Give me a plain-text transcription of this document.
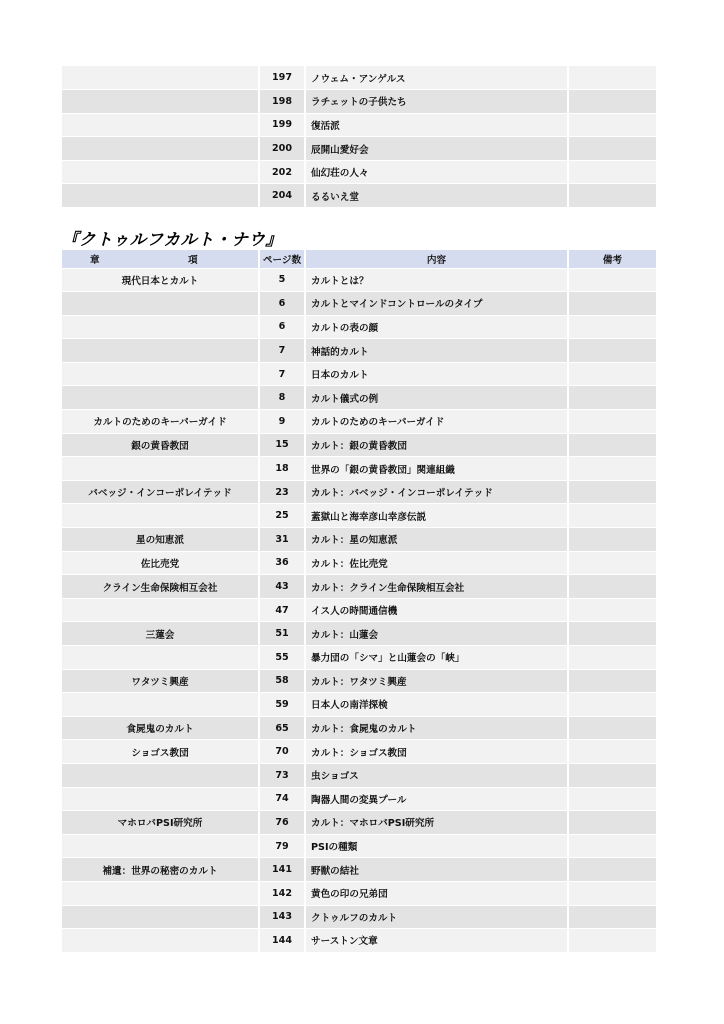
	197	ノウェム・アンゲルス	
	198	ラチェットの子供たち	
	199	復活派	
	200	辰開山愛好会	
	202	仙幻荘の人々	
	204	るるいえ堂	
『クトゥルフカルト・ナウ』
章 項	ページ数	内容	備考
現代日本とカルト	5	カルトとは？	
	6	カルトとマインドコントロールのタイプ	
	6	カルトの表の顔	
	7	神話的カルト	
	7	日本のカルト	
	8	カルト儀式の例	
カルトのためのキーパーガイド	9	カルトのためのキーパーガイド	
銀の黄昏教団	15	カルト：銀の黄昏教団	
	18	世界の「銀の黄昏教団」関連組織	
バベッジ・インコーポレイテッド	23	カルト：バベッジ・インコーポレイテッド	
	25	蓋獄山と海幸彦山幸彦伝説	
星の知恵派	31	カルト：星の知恵派	
佐比売党	36	カルト：佐比売党	
クライン生命保険相互会社	43	カルト：クライン生命保険相互会社	
	47	イス人の時間通信機	
三蓮会	51	カルト：山蓮会	
	55	暴力団の「シマ」と山蓮会の「峡」	
ワタツミ興産	58	カルト：ワタツミ興産	
	59	日本人の南洋探検	
食屍鬼のカルト	65	カルト：食屍鬼のカルト	
ショゴス教団	70	カルト：ショゴス教団	
	73	虫ショゴス	
	74	陶器人間の変異プール	
マホロバPSI研究所	76	カルト：マホロバPSI研究所	
	79	PSIの種類	
補遺：世界の秘密のカルト	141	野獣の結社	
	142	黄色の印の兄弟団	
	143	クトゥルフのカルト	
	144	サーストン文章	
